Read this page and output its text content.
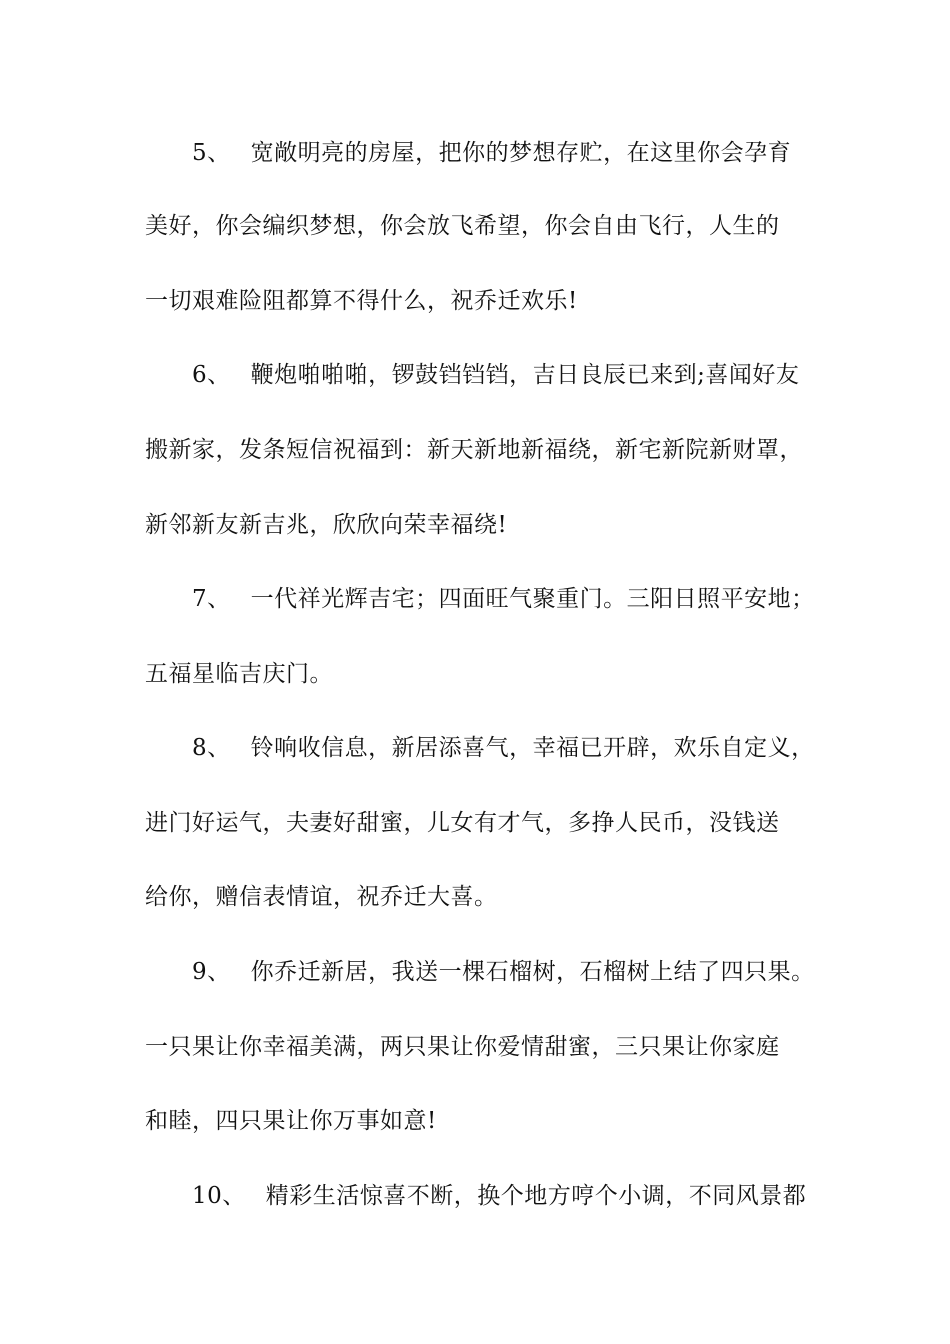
5、 宽敞明亮的房屋，把你的梦想存贮，在这里你会孕育
美好，你会编织梦想，你会放飞希望，你会自由飞行，人生的
一切艰难险阻都算不得什么，祝乔迁欢乐!
6、 鞭炮啪啪啪，锣鼓铛铛铛，吉日良辰已来到;喜闻好友
搬新家，发条短信祝福到：新天新地新福绕，新宅新院新财罩，
新邻新友新吉兆，欣欣向荣幸福绕!
7、 一代祥光辉吉宅；四面旺气聚重门。三阳日照平安地；
五福星临吉庆门。
8、 铃响收信息，新居添喜气，幸福已开辟，欢乐自定义，
进门好运气，夫妻好甜蜜，儿女有才气，多挣人民币，没钱送
给你，赠信表情谊，祝乔迁大喜。
9、 你乔迁新居，我送一棵石榴树，石榴树上结了四只果。
一只果让你幸福美满，两只果让你爱情甜蜜，三只果让你家庭
和睦，四只果让你万事如意!
10、 精彩生活惊喜不断，换个地方哼个小调，不同风景都
